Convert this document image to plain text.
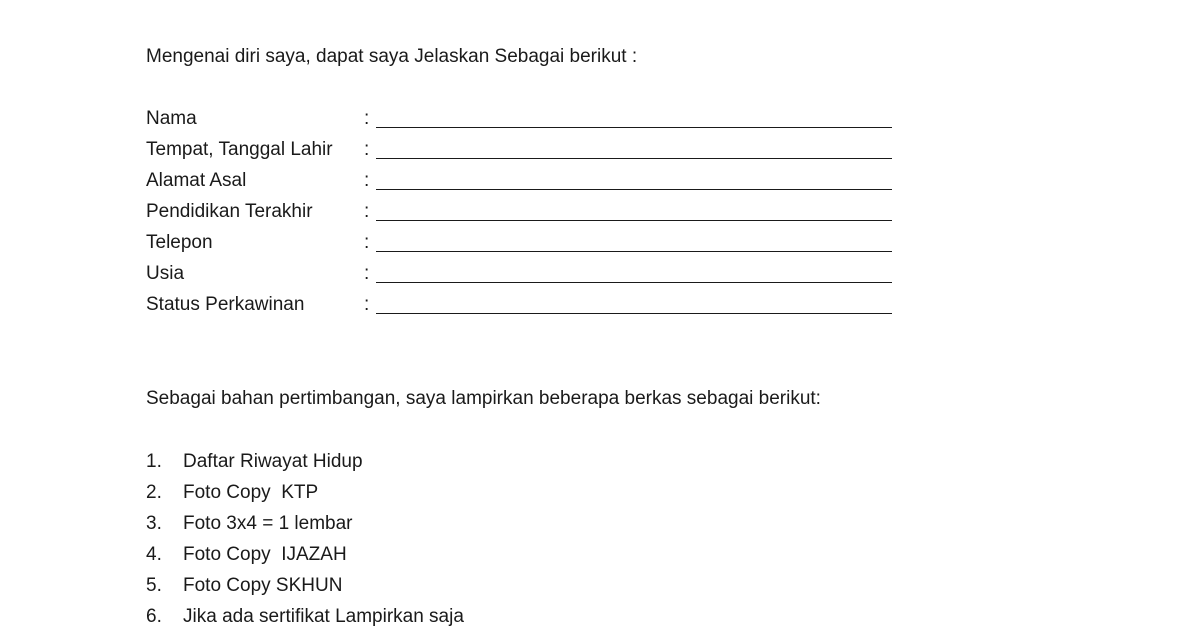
Mengenai diri saya, dapat saya Jelaskan Sebagai berikut :
Nama	:
Tempat, Tanggal Lahir :
Alamat Asal	:
Pendidikan Terakhir	:
Telepon	:
Usia	:
Status Perkawinan	:
Sebagai bahan pertimbangan, saya lampirkan beberapa berkas sebagai berikut:
1. Daftar Riwayat Hidup
2. Foto Copy  KTP
3. Foto 3x4 = 1 lembar
4. Foto Copy  IJAZAH
5. Foto Copy SKHUN
6. Jika ada sertifikat Lampirkan saja
